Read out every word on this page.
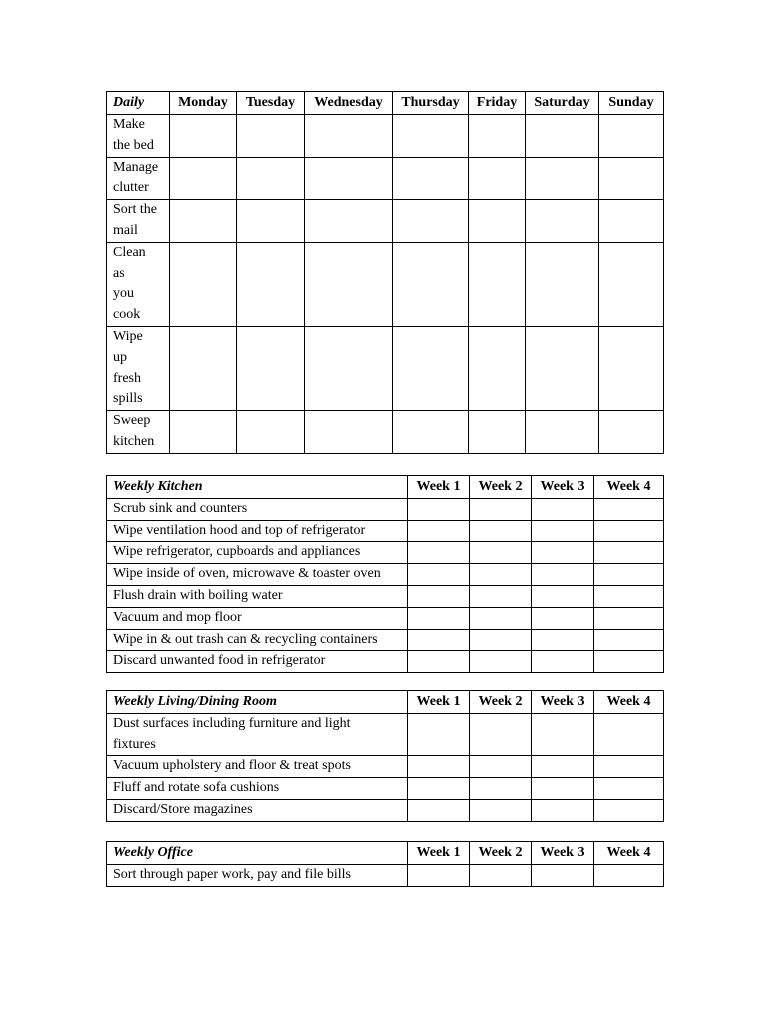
Daily	Monday	Tuesday	Wednesday	Thursday	Friday	Saturday	Sunday

Make
the bed							

Manage
clutter							

Sort the
mail							

Clean
as
you
cook							

Wipe
up
fresh
spills							

Sweep
kitchen							

Weekly Kitchen	Week 1	Week 2	Week 3	Week 4
Scrub sink and counters				
Wipe ventilation hood and top of refrigerator				
Wipe refrigerator, cupboards and appliances				
Wipe inside of oven, microwave & toaster oven				
Flush drain with boiling water				
Vacuum and mop floor				
Wipe in & out trash can & recycling containers				
Discard unwanted food in refrigerator				
Weekly Living/Dining Room	Week 1	Week 2	Week 3	Week 4

Dust surfaces including furniture and light
fixtures				

Vacuum upholstery and floor & treat spots				
Fluff and rotate sofa cushions				
Discard/Store magazines				
Weekly Office	Week 1	Week 2	Week 3	Week 4
Sort through paper work, pay and file bills				
